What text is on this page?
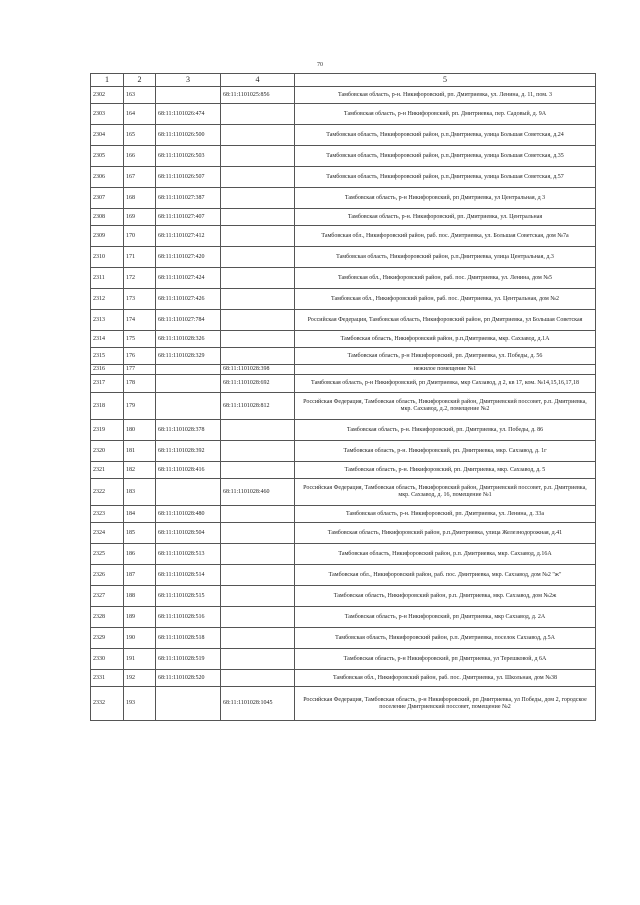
70
1	2	3	4	5
2302	163		68:11:1101025:856	Тамбовская область, р-н. Никифоровский, рп. Дмитриевка, ул. Ленина, д. 11, пом. 3
2303	164	68:11:1101026:474		Тамбовская область, р-н Никифоровский, рп. Дмитриевка, пер. Садовый, д. 9А
2304	165	68:11:1101026:500		Тамбовская область, Никифоровский район, р.п.Дмитриевка, улица Большая Советская, д.24
2305	166	68:11:1101026:503		Тамбовская область, Никифоровский район, р.п.Дмитриевка, улица Большая Советская, д.35
2306	167	68:11:1101026:507		Тамбовская область, Никифоровский район, р.п.Дмитриевка, улица Большая Советская, д.57
2307	168	68:11:1101027:387		Тамбовская область, р-н Никифоровский, рп Дмитриевка, ул Центральная, д 3
2308	169	68:11:1101027:407		Тамбовская область, р-н. Никифоровский, рп. Дмитриевка, ул. Центральная
2309	170	68:11:1101027:412		Тамбовская обл., Никифоровский район, раб. пос. Дмитриевка, ул. Большая Советская, дом №7а
2310	171	68:11:1101027:420		Тамбовская область, Никифоровский район, р.п.Дмитриевка, улица Центральная, д.3
2311	172	68:11:1101027:424		Тамбовская обл., Никифоровский район, раб. пос. Дмитриевка, ул. Ленина, дом №5
2312	173	68:11:1101027:426		Тамбовская обл., Никифоровский район, раб. пос. Дмитриевка, ул. Центральная, дом №2
2313	174	68:11:1101027:784		Российская Федерация, Тамбовская область, Никифоровский район, рп Дмитриевка, ул Большая Советская
2314	175	68:11:1101028:326		Тамбовская область, Никифоровский район, р.п.Дмитриевка, мкр. Сахзавод, д.1А
2315	176	68:11:1101028:329		Тамбовская область, р-н Никифоровский, рп. Дмитриевка, ул. Победы, д. 56
2316	177		68:11:1101028:398	нежилое помещение №1
2317	178		68:11:1101028:692	Тамбовская область, р-н Никифоровский, рп Дмитриевка, мкр Сахзавод, д 2, кв 17, ком. №14,15,16,17,18
2318	179		68:11:1101028:812	Российская Федерация, Тамбовская область, Никифоровский район, Дмитриевский поссовет, р.п. Дмитриевка, мкр. Сахзавод, д.2, помещение №2
2319	180	68:11:1101028:378		Тамбовская область, р-н. Никифоровский, рп. Дмитриевка, ул. Победы, д. 86
2320	181	68:11:1101028:392		Тамбовская область, р-н. Никифоровский, рп. Дмитриевка, мкр. Сахзавод, д. 1г
2321	182	68:11:1101028:416		Тамбовская область, р-н. Никифоровский, рп. Дмитриевка, мкр. Сахзавод, д. 5
2322	183		68:11:1101028:460	Российская Федерация, Тамбовская область, Никифоровский район, Дмитриевский поссовет, р.п. Дмитриевка, мкр. Сахзавод, д. 16, помещение №1
2323	184	68:11:1101028:480		Тамбовская область, р-н. Никифоровский, рп. Дмитриевка, ул. Ленина, д. 33а
2324	185	68:11:1101028:504		Тамбовская область, Никифоровский район, р.п.Дмитриевка, улица Железнодорожная, д.41
2325	186	68:11:1101028:513		Тамбовская область, Никифоровский район, р.п. Дмитриевка, мкр. Сахзавод, д.16А
2326	187	68:11:1101028:514		Тамбовская обл., Никифоровский район, раб. пос. Дмитриевка, мкр. Сахзавод, дом №2 "ж"
2327	188	68:11:1101028:515		Тамбовская область, Никифоровский район, р.п. Дмитриевка, мкр. Сахзавод, дом №2ж
2328	189	68:11:1101028:516		Тамбовская область, р-н Никифоровский, рп Дмитриевка, мкр Сахзавод, д. 2А
2329	190	68:11:1101028:518		Тамбовская область, Никифоровский район, р.п. Дмитриевка, поселок Сахзавод, д.5А
2330	191	68:11:1101028:519		Тамбовская область, р-н Никифоровский, рп Дмитриевка, ул Терешковой, д 6А
2331	192	68:11:1101028:520		Тамбовская обл., Никифоровский район, раб. пос. Дмитриевка, ул. Школьная, дом №38
2332	193		68:11:1101028:1045	Российская Федерация, Тамбовская область, р-н Никифоровский, рп Дмитриевка, ул Победы, дом 2, городское поселение Дмитриевский поссовет, помещение №2
